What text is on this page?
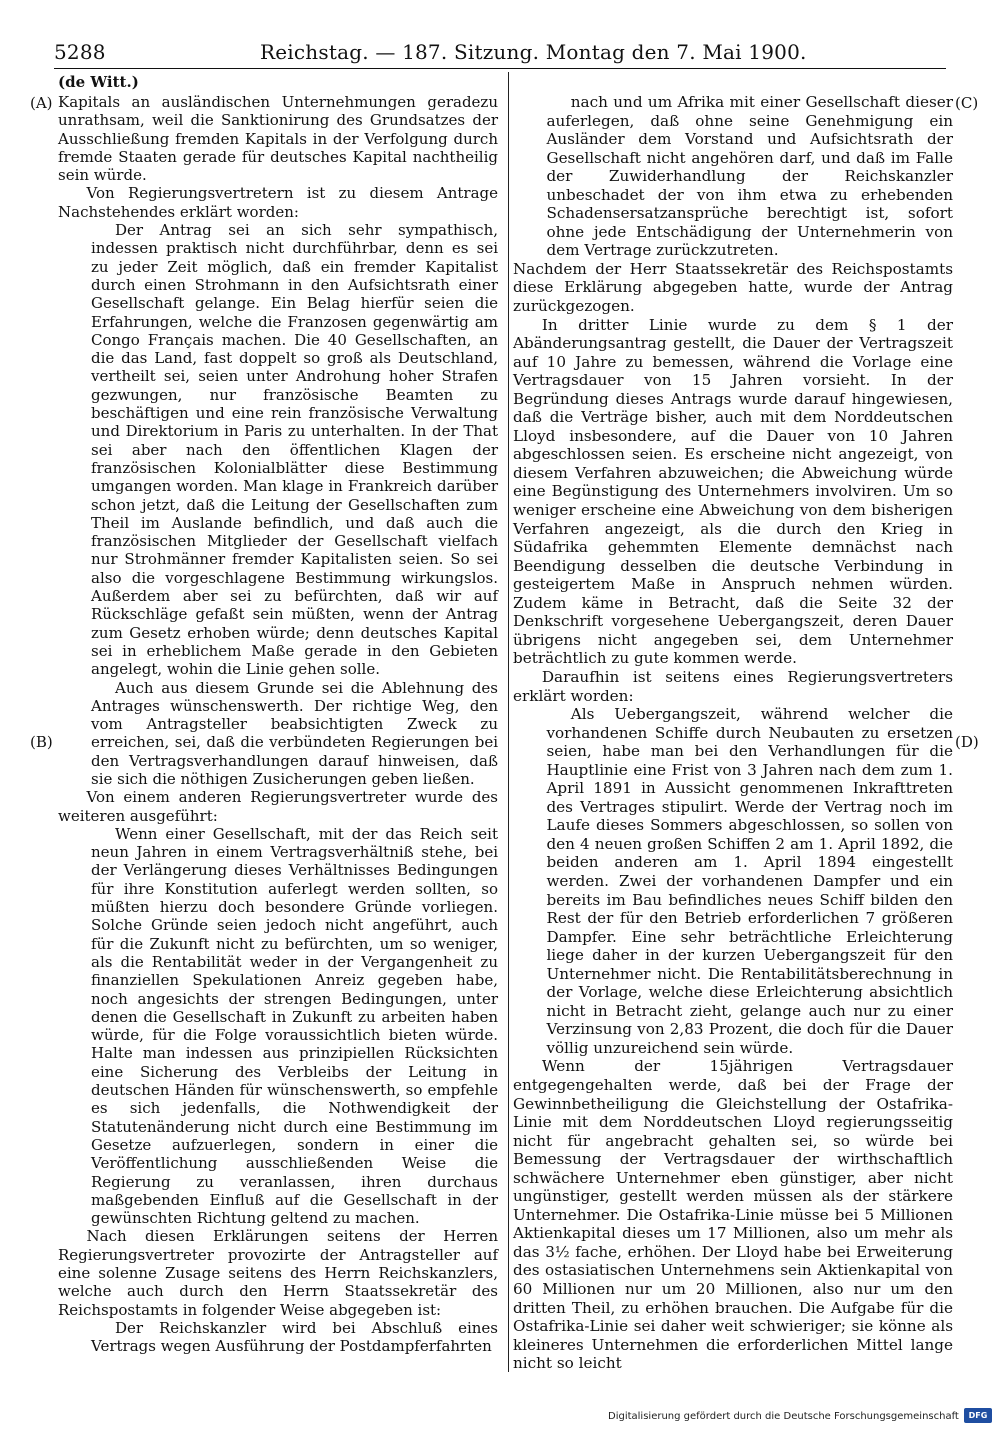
5288	Reichstag. — 187. Sitzung. Montag den 7. Mai 1900.
(de Witt.)
(A)
(B)
(C)
(D)

Kapitals an ausländischen Unternehmungen geradezu unrathsam, weil die Sanktionirung des Grundsatzes der Ausschließung fremden Kapitals in der Verfolgung durch fremde Staaten gerade für deutsches Kapital nachtheilig sein würde.

Von Regierungsvertretern ist zu diesem Antrage Nachstehendes erklärt worden:

Der Antrag sei an sich sehr sympathisch, indessen praktisch nicht durchführbar, denn es sei zu jeder Zeit möglich, daß ein fremder Kapitalist durch einen Strohmann in den Aufsichtsrath einer Gesellschaft gelange. Ein Belag hierfür seien die Erfahrungen, welche die Franzosen gegenwärtig am Congo Français machen. Die 40 Gesellschaften, an die das Land, fast doppelt so groß als Deutschland, vertheilt sei, seien unter Androhung hoher Strafen gezwungen, nur französische Beamten zu beschäftigen und eine rein französische Verwaltung und Direktorium in Paris zu unterhalten. In der That sei aber nach den öffentlichen Klagen der französischen Kolonialblätter diese Bestimmung umgangen worden. Man klage in Frankreich darüber schon jetzt, daß die Leitung der Gesellschaften zum Theil im Auslande befindlich, und daß auch die französischen Mitglieder der Gesellschaft vielfach nur Strohmänner fremder Kapitalisten seien. So sei also die vorgeschlagene Bestimmung wirkungslos. Außerdem aber sei zu befürchten, daß wir auf Rückschläge gefaßt sein müßten, wenn der Antrag zum Gesetz erhoben würde; denn deutsches Kapital sei in erheblichem Maße gerade in den Gebieten angelegt, wohin die Linie gehen solle.

Auch aus diesem Grunde sei die Ablehnung des Antrages wünschenswerth. Der richtige Weg, den vom Antragsteller beabsichtigten Zweck zu erreichen, sei, daß die verbündeten Regierungen bei den Vertragsverhandlungen darauf hinweisen, daß sie sich die nöthigen Zusicherungen geben ließen.

Von einem anderen Regierungsvertreter wurde des weiteren ausgeführt:

Wenn einer Gesellschaft, mit der das Reich seit neun Jahren in einem Vertragsverhältniß stehe, bei der Verlängerung dieses Verhältnisses Bedingungen für ihre Konstitution auferlegt werden sollten, so müßten hierzu doch besondere Gründe vorliegen. Solche Gründe seien jedoch nicht angeführt, auch für die Zukunft nicht zu befürchten, um so weniger, als die Rentabilität weder in der Vergangenheit zu finanziellen Spekulationen Anreiz gegeben habe, noch angesichts der strengen Bedingungen, unter denen die Gesellschaft in Zukunft zu arbeiten haben würde, für die Folge voraussichtlich bieten würde. Halte man indessen aus prinzipiellen Rücksichten eine Sicherung des Verbleibs der Leitung in deutschen Händen für wünschenswerth, so empfehle es sich jedenfalls, die Nothwendigkeit der Statutenänderung nicht durch eine Bestimmung im Gesetze aufzuerlegen, sondern in einer die Veröffentlichung ausschließenden Weise die Regierung zu veranlassen, ihren durchaus maßgebenden Einfluß auf die Gesellschaft in der gewünschten Richtung geltend zu machen.

Nach diesen Erklärungen seitens der Herren Regierungsvertreter provozirte der Antragsteller auf eine solenne Zusage seitens des Herrn Reichskanzlers, welche auch durch den Herrn Staatssekretär des Reichspostamts in folgender Weise abgegeben ist:

Der Reichskanzler wird bei Abschluß eines Vertrags wegen Ausführung der Postdampferfahrten

nach und um Afrika mit einer Gesellschaft dieser auferlegen, daß ohne seine Genehmigung ein Ausländer dem Vorstand und Aufsichtsrath der Gesellschaft nicht angehören darf, und daß im Falle der Zuwiderhandlung der Reichskanzler unbeschadet der von ihm etwa zu erhebenden Schadensersatzansprüche berechtigt ist, sofort ohne jede Entschädigung der Unternehmerin von dem Vertrage zurückzutreten.

Nachdem der Herr Staatssekretär des Reichspostamts diese Erklärung abgegeben hatte, wurde der Antrag zurückgezogen.

In dritter Linie wurde zu dem § 1 der Abänderungsantrag gestellt, die Dauer der Vertragszeit auf 10 Jahre zu bemessen, während die Vorlage eine Vertragsdauer von 15 Jahren vorsieht. In der Begründung dieses Antrags wurde darauf hingewiesen, daß die Verträge bisher, auch mit dem Norddeutschen Lloyd insbesondere, auf die Dauer von 10 Jahren abgeschlossen seien. Es erscheine nicht angezeigt, von diesem Verfahren abzuweichen; die Abweichung würde eine Begünstigung des Unternehmers involviren. Um so weniger erscheine eine Abweichung von dem bisherigen Verfahren angezeigt, als die durch den Krieg in Südafrika gehemmten Elemente demnächst nach Beendigung desselben die deutsche Verbindung in gesteigertem Maße in Anspruch nehmen würden. Zudem käme in Betracht, daß die Seite 32 der Denkschrift vorgesehene Uebergangszeit, deren Dauer übrigens nicht angegeben sei, dem Unternehmer beträchtlich zu gute kommen werde.

Daraufhin ist seitens eines Regierungsvertreters erklärt worden:

Als Uebergangszeit, während welcher die vorhandenen Schiffe durch Neubauten zu ersetzen seien, habe man bei den Verhandlungen für die Hauptlinie eine Frist von 3 Jahren nach dem zum 1. April 1891 in Aussicht genommenen Inkrafttreten des Vertrages stipulirt. Werde der Vertrag noch im Laufe dieses Sommers abgeschlossen, so sollen von den 4 neuen großen Schiffen 2 am 1. April 1892, die beiden anderen am 1. April 1894 eingestellt werden. Zwei der vorhandenen Dampfer und ein bereits im Bau befindliches neues Schiff bilden den Rest der für den Betrieb erforderlichen 7 größeren Dampfer. Eine sehr beträchtliche Erleichterung liege daher in der kurzen Uebergangszeit für den Unternehmer nicht. Die Rentabilitätsberechnung in der Vorlage, welche diese Erleichterung absichtlich nicht in Betracht zieht, gelange auch nur zu einer Verzinsung von 2,83 Prozent, die doch für die Dauer völlig unzureichend sein würde.

Wenn der 15jährigen Vertragsdauer entgegengehalten werde, daß bei der Frage der Gewinnbetheiligung die Gleichstellung der Ostafrika-Linie mit dem Norddeutschen Lloyd regierungsseitig nicht für angebracht gehalten sei, so würde bei Bemessung der Vertragsdauer der wirthschaftlich schwächere Unternehmer eben günstiger, aber nicht ungünstiger, gestellt werden müssen als der stärkere Unternehmer. Die Ostafrika-Linie müsse bei 5 Millionen Aktienkapital dieses um 17 Millionen, also um mehr als das 3½ fache, erhöhen. Der Lloyd habe bei Erweiterung des ostasiatischen Unternehmens sein Aktienkapital von 60 Millionen nur um 20 Millionen, also nur um den dritten Theil, zu erhöhen brauchen. Die Aufgabe für die Ostafrika-Linie sei daher weit schwieriger; sie könne als kleineres Unternehmen die erforderlichen Mittel lange nicht so leicht

Digitalisierung gefördert durch die Deutsche Forschungsgemeinschaft	DFG
